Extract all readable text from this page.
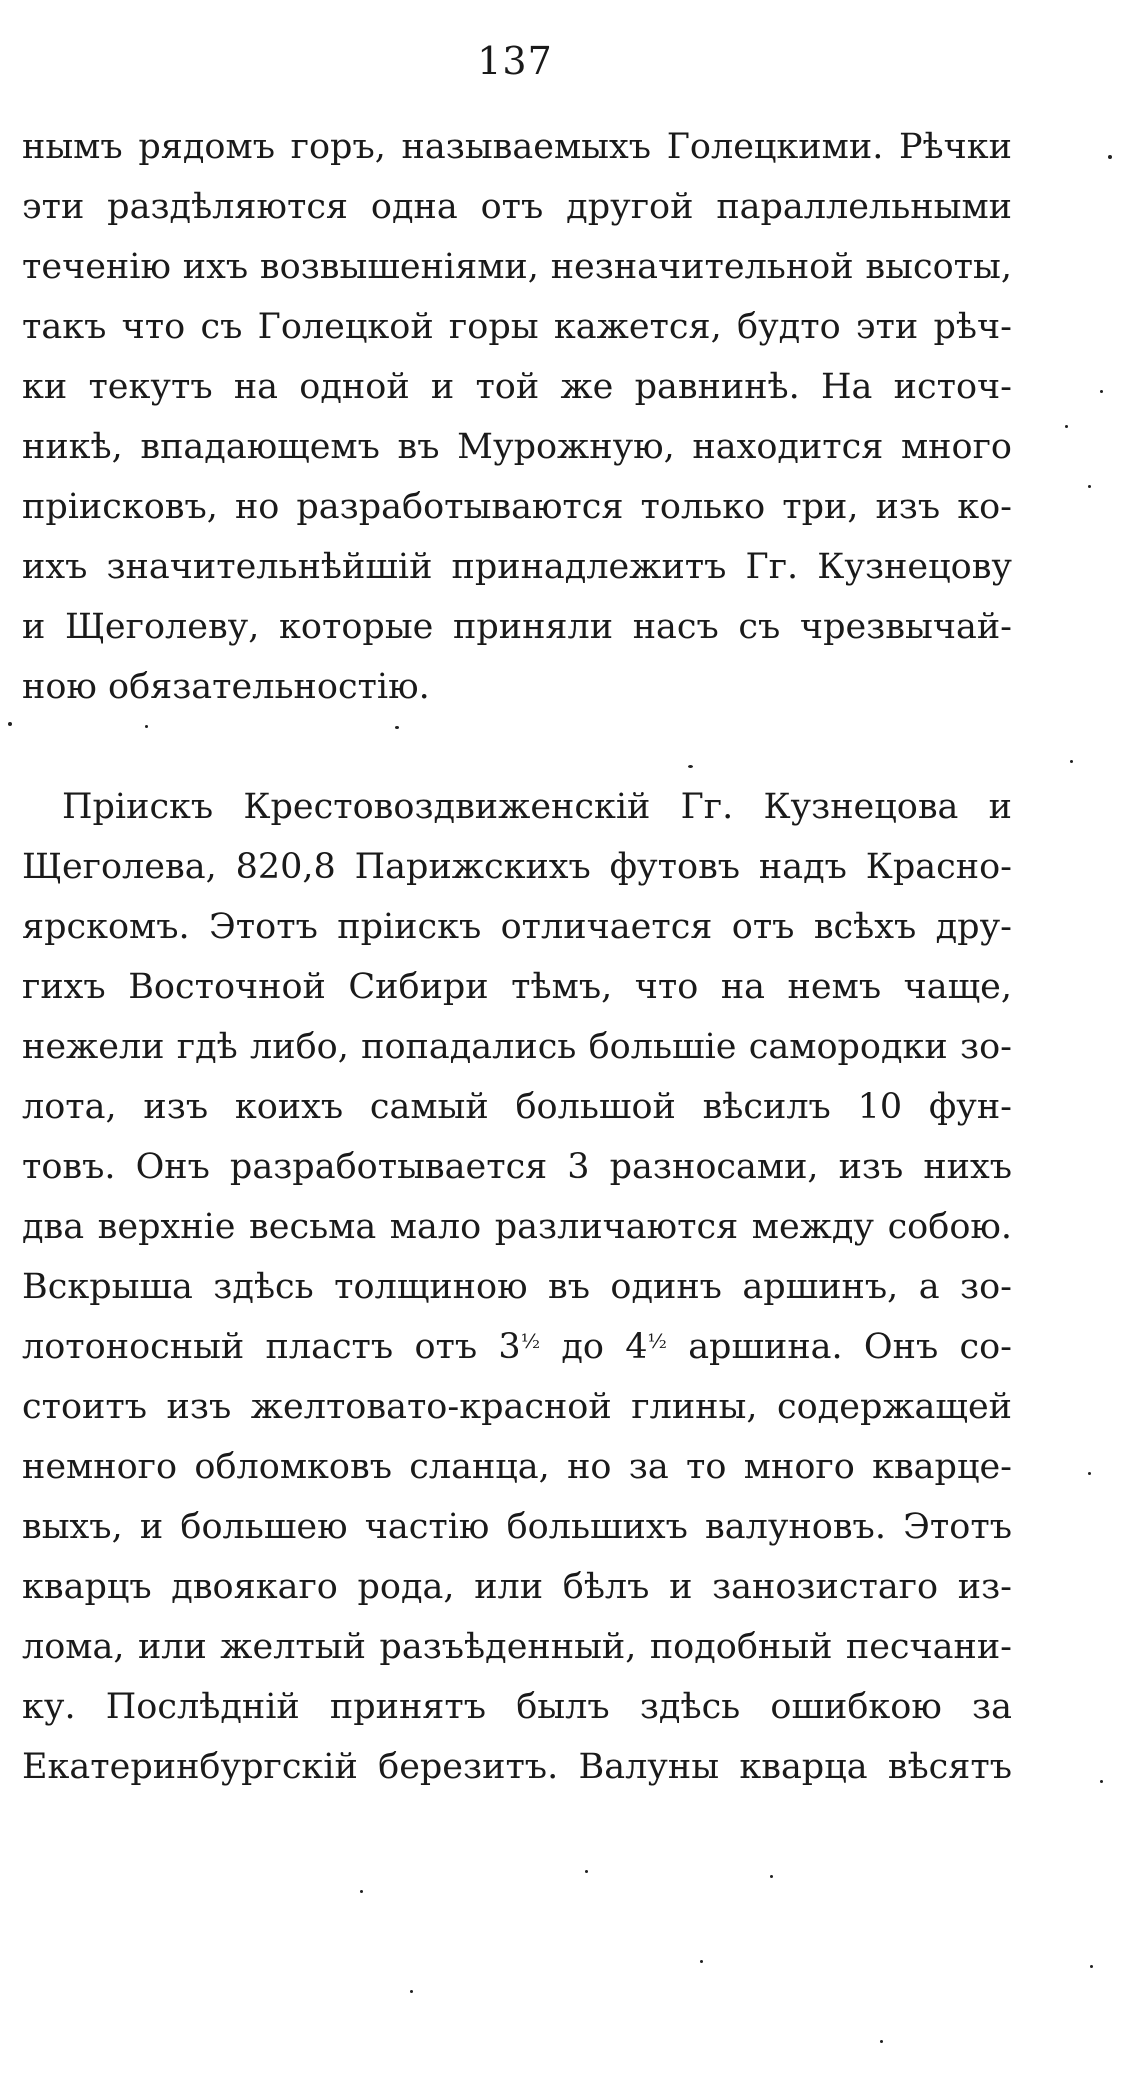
137
нымъ рядомъ горъ, называемыхъ Голецкими. Рѣчки
эти раздѣляются одна отъ другой параллельными
теченію ихъ возвышеніями, незначительной высоты,
такъ что съ Голецкой горы кажется, будто эти рѣч-
ки текутъ на одной и той же равнинѣ. На источ-
никѣ, впадающемъ въ Мурожную, находится много
пріисковъ, но разработываются только три, изъ ко-
ихъ значительнѣйшій принадлежитъ Гг. Кузнецову
и Щеголеву, которые приняли насъ съ чрезвычай-
ною обязательностію.
Пріискъ Крестовоздвиженскій Гг. Кузнецова и
Щеголева, 820,8 Парижскихъ футовъ надъ Красно-
ярскомъ. Этотъ пріискъ отличается отъ всѣхъ дру-
гихъ Восточной Сибири тѣмъ, что на немъ чаще,
нежели гдѣ либо, попадались большіе самородки зо-
лота, изъ коихъ самый большой вѣсилъ 10 фун-
товъ. Онъ разработывается 3 разносами, изъ нихъ
два верхніе весьма мало различаются между собою.
Вскрыша здѣсь толщиною въ одинъ аршинъ, а зо-
лотоносный пластъ отъ $3^{\frac{1}{2}}$ до $4^{\frac{1}{2}}$ аршина. Онъ со-
стоитъ изъ желтовато-красной глины, содержащей
немного обломковъ сланца, но за то много кварце-
выхъ, и большею частію большихъ валуновъ. Этотъ
кварцъ двоякаго рода, или бѣлъ и занозистаго из-
лома, или желтый разъѣденный, подобный песчани-
ку. Послѣдній принятъ былъ здѣсь ошибкою за
Екатеринбургскій березитъ. Валуны кварца вѣсятъ
